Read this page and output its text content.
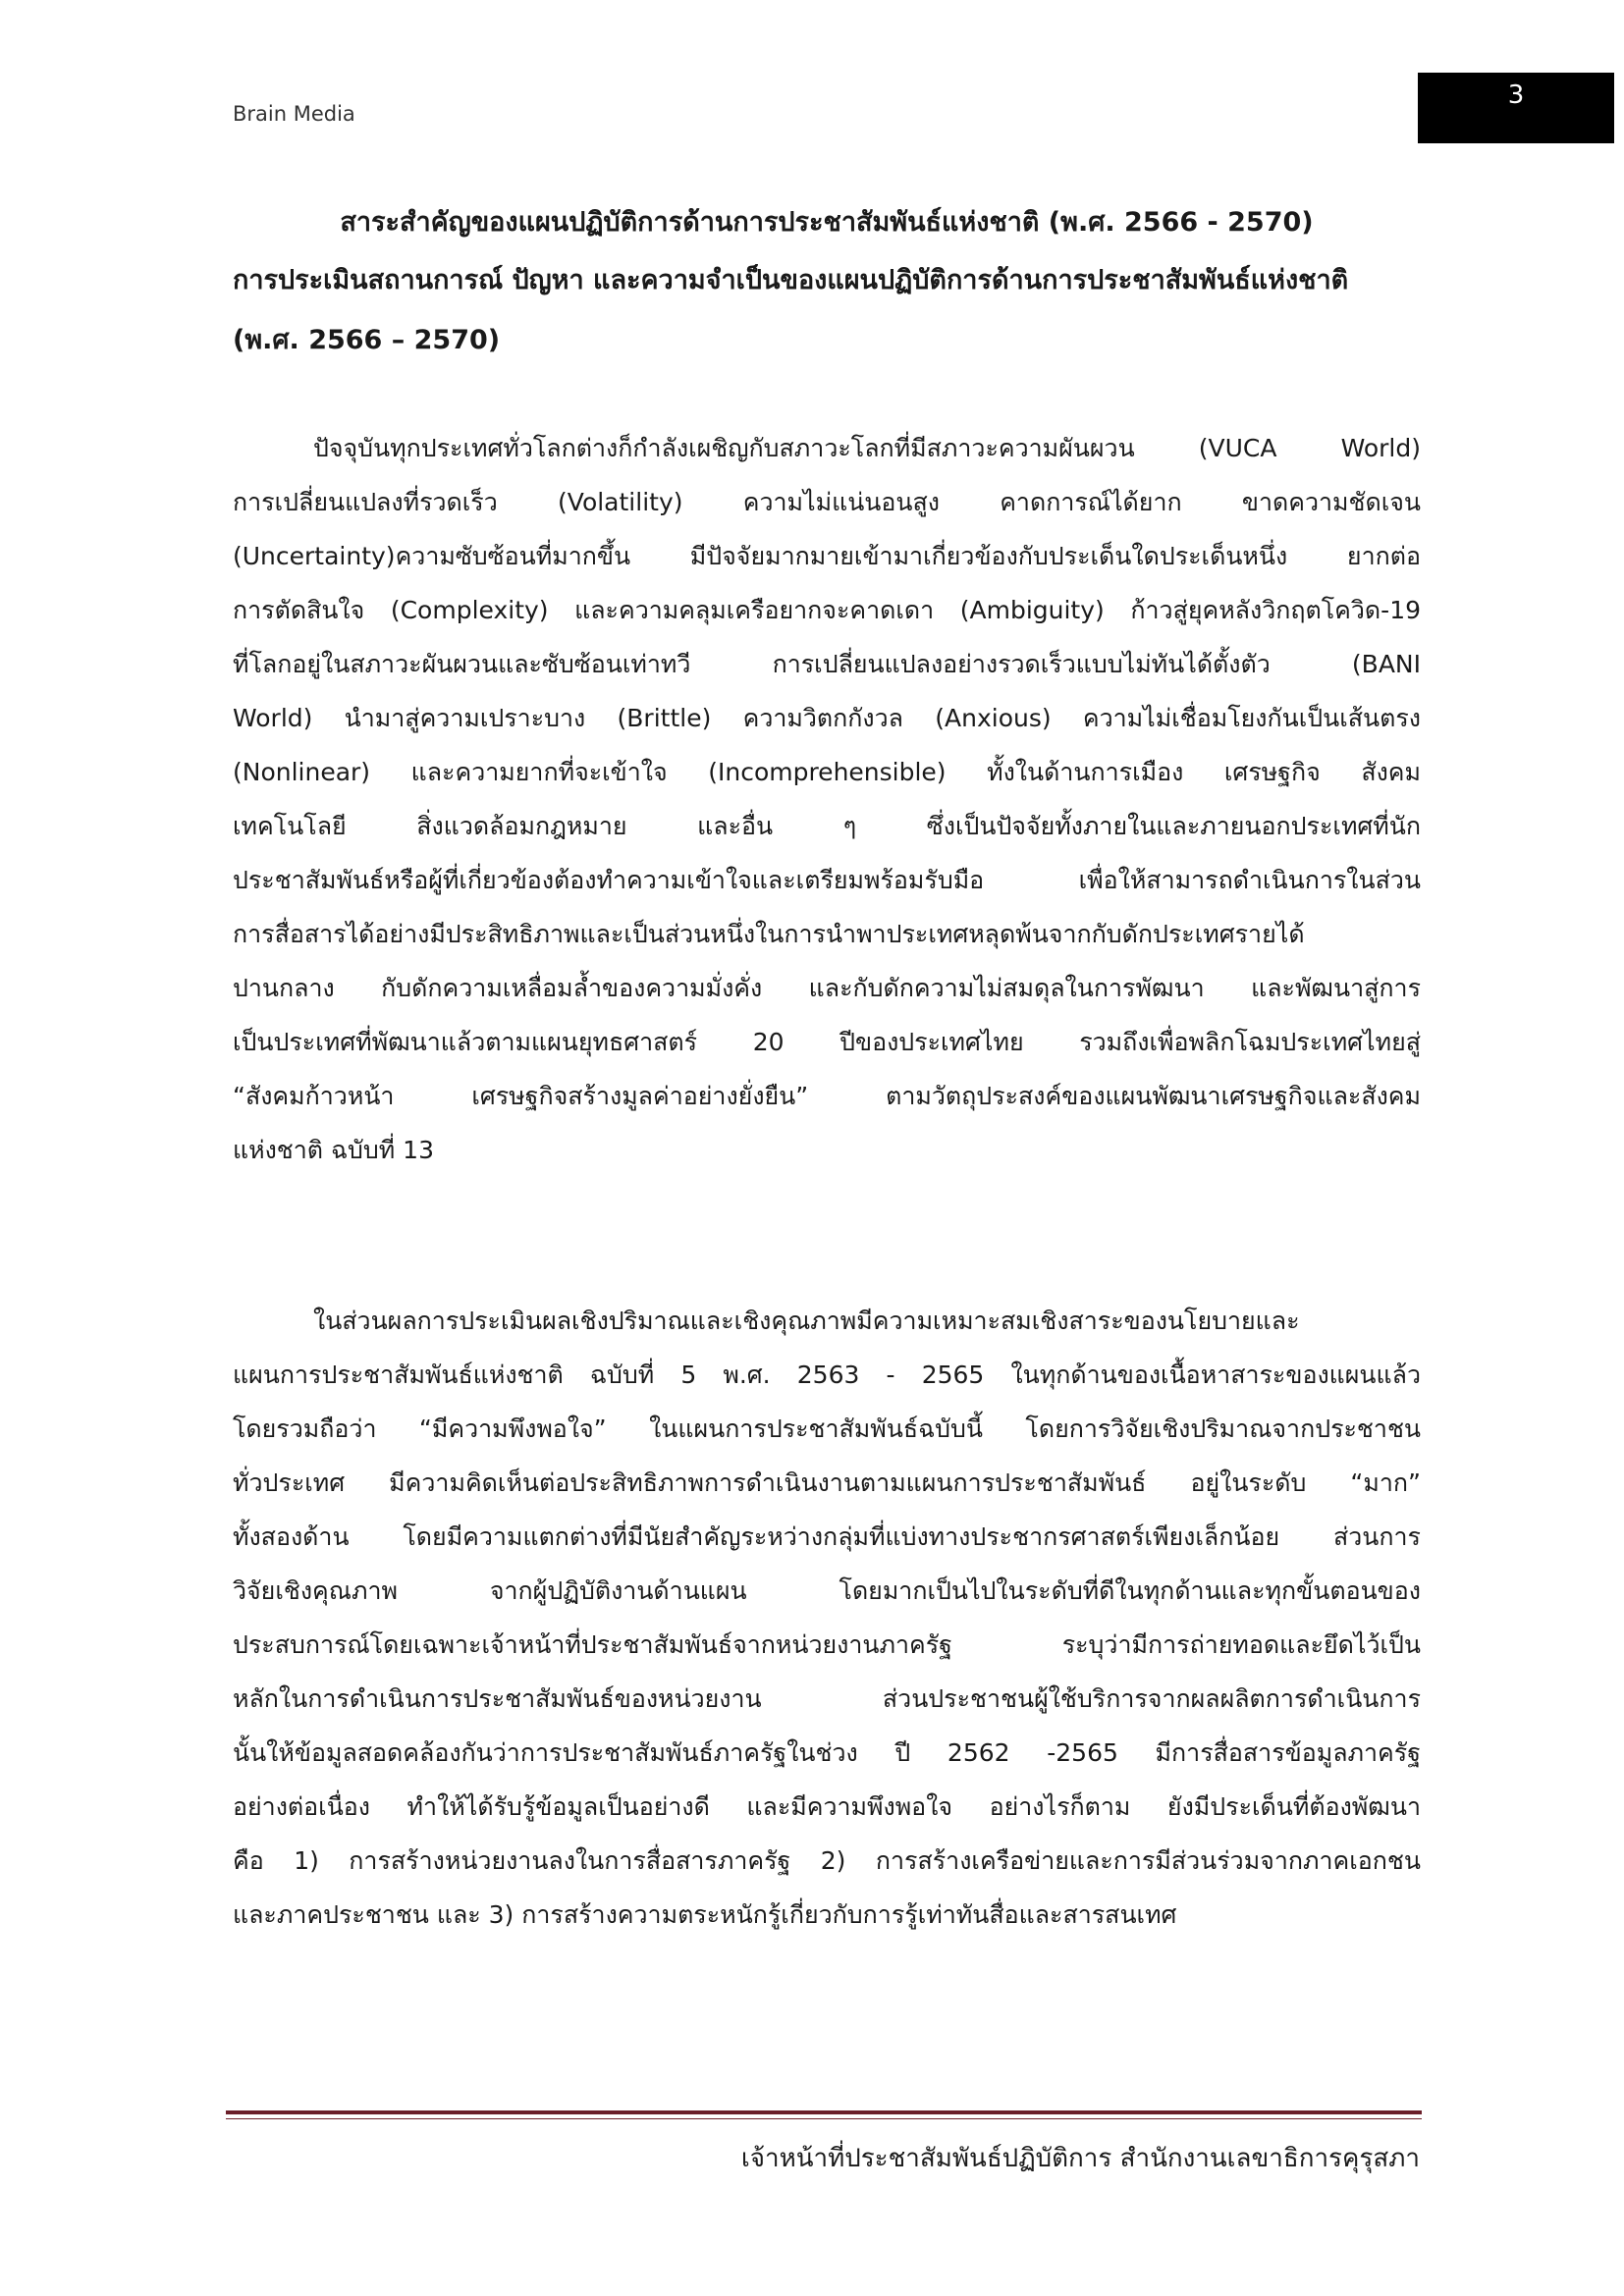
Brain Media
3
สาระสำคัญของแผนปฏิบัติการด้านการประชาสัมพันธ์แห่งชาติ (พ.ศ. 2566 - 2570)
การประเมินสถานการณ์ ปัญหา และความจำเป็นของแผนปฏิบัติการด้านการประชาสัมพันธ์แห่งชาติ
(พ.ศ. 2566 – 2570)
ปัจจุบันทุกประเทศทั่วโลกต่างก็กำลังเผชิญกับสภาวะโลกที่มีสภาวะความผันผวน (VUCA World)
การเปลี่ยนแปลงที่รวดเร็ว (Volatility) ความไม่แน่นอนสูง คาดการณ์ได้ยาก ขาดความชัดเจน
(Uncertainty)ความซับซ้อนที่มากขึ้น มีปัจจัยมากมายเข้ามาเกี่ยวข้องกับประเด็นใดประเด็นหนึ่ง ยากต่อ
การตัดสินใจ (Complexity) และความคลุมเครือยากจะคาดเดา (Ambiguity) ก้าวสู่ยุคหลังวิกฤตโควิด-19
ที่โลกอยู่ในสภาวะผันผวนและซับซ้อนเท่าทวี การเปลี่ยนแปลงอย่างรวดเร็วแบบไม่ทันได้ตั้งตัว (BANI
World) นำมาสู่ความเปราะบาง (Brittle) ความวิตกกังวล (Anxious) ความไม่เชื่อมโยงกันเป็นเส้นตรง
(Nonlinear) และความยากที่จะเข้าใจ (Incomprehensible) ทั้งในด้านการเมือง เศรษฐกิจ สังคม
เทคโนโลยี สิ่งแวดล้อมกฎหมาย และอื่น ๆ ซึ่งเป็นปัจจัยทั้งภายในและภายนอกประเทศที่นัก
ประชาสัมพันธ์หรือผู้ที่เกี่ยวข้องต้องทำความเข้าใจและเตรียมพร้อมรับมือ เพื่อให้สามารถดำเนินการในส่วน
การสื่อสารได้อย่างมีประสิทธิภาพและเป็นส่วนหนึ่งในการนำพาประเทศหลุดพ้นจากกับดักประเทศรายได้
ปานกลาง กับดักความเหลื่อมล้ำของความมั่งคั่ง และกับดักความไม่สมดุลในการพัฒนา และพัฒนาสู่การ
เป็นประเทศที่พัฒนาแล้วตามแผนยุทธศาสตร์ 20 ปีของประเทศไทย รวมถึงเพื่อพลิกโฉมประเทศไทยสู่
“สังคมก้าวหน้า เศรษฐกิจสร้างมูลค่าอย่างยั่งยืน” ตามวัตถุประสงค์ของแผนพัฒนาเศรษฐกิจและสังคม
แห่งชาติ ฉบับที่ 13
ในส่วนผลการประเมินผลเชิงปริมาณและเชิงคุณภาพมีความเหมาะสมเชิงสาระของนโยบายและ
แผนการประชาสัมพันธ์แห่งชาติ ฉบับที่ 5 พ.ศ. 2563 - 2565 ในทุกด้านของเนื้อหาสาระของแผนแล้ว
โดยรวมถือว่า “มีความพึงพอใจ” ในแผนการประชาสัมพันธ์ฉบับนี้ โดยการวิจัยเชิงปริมาณจากประชาชน
ทั่วประเทศ มีความคิดเห็นต่อประสิทธิภาพการดำเนินงานตามแผนการประชาสัมพันธ์ อยู่ในระดับ “มาก”
ทั้งสองด้าน โดยมีความแตกต่างที่มีนัยสำคัญระหว่างกลุ่มที่แบ่งทางประชากรศาสตร์เพียงเล็กน้อย ส่วนการ
วิจัยเชิงคุณภาพ จากผู้ปฏิบัติงานด้านแผน โดยมากเป็นไปในระดับที่ดีในทุกด้านและทุกขั้นตอนของ
ประสบการณ์โดยเฉพาะเจ้าหน้าที่ประชาสัมพันธ์จากหน่วยงานภาครัฐ ระบุว่ามีการถ่ายทอดและยึดไว้เป็น
หลักในการดำเนินการประชาสัมพันธ์ของหน่วยงาน ส่วนประชาชนผู้ใช้บริการจากผลผลิตการดำเนินการ
นั้นให้ข้อมูลสอดคล้องกันว่าการประชาสัมพันธ์ภาครัฐในช่วง ปี 2562 -2565 มีการสื่อสารข้อมูลภาครัฐ
อย่างต่อเนื่อง ทำให้ได้รับรู้ข้อมูลเป็นอย่างดี และมีความพึงพอใจ อย่างไรก็ตาม ยังมีประเด็นที่ต้องพัฒนา
คือ 1) การสร้างหน่วยงานลงในการสื่อสารภาครัฐ 2) การสร้างเครือข่ายและการมีส่วนร่วมจากภาคเอกชน
และภาคประชาชน และ 3) การสร้างความตระหนักรู้เกี่ยวกับการรู้เท่าทันสื่อและสารสนเทศ
เจ้าหน้าที่ประชาสัมพันธ์ปฏิบัติการ สำนักงานเลขาธิการคุรุสภา
